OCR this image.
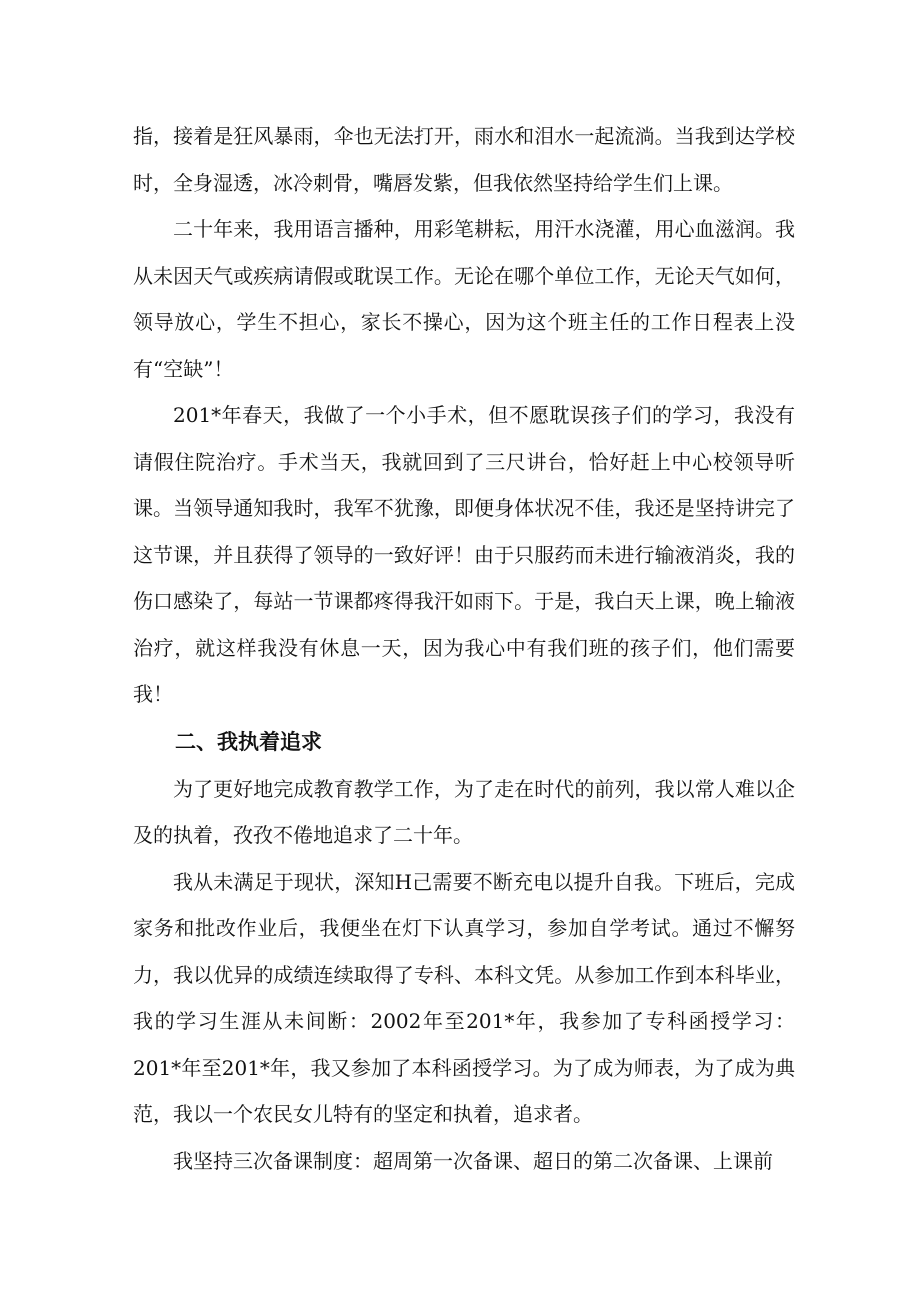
指，接着是狂风暴雨，伞也无法打开，雨水和泪水一起流淌。当我到达学校时，全身湿透，冰冷刺骨，嘴唇发紫，但我依然坚持给学生们上课。

二十年来，我用语言播种，用彩笔耕耘，用汗水浇灌，用心血滋润。我从未因天气或疾病请假或耽误工作。无论在哪个单位工作，无论天气如何，领导放心，学生不担心，家长不操心，因为这个班主任的工作日程表上没有“空缺”！

201*年春天，我做了一个小手术，但不愿耽误孩子们的学习，我没有请假住院治疗。手术当天，我就回到了三尺讲台，恰好赶上中心校领导听课。当领导通知我时，我军不犹豫，即便身体状况不佳，我还是坚持讲完了这节课，并且获得了领导的一致好评！由于只服药而未进行输液消炎，我的伤口感染了，每站一节课都疼得我汗如雨下。于是，我白天上课，晚上输液治疗，就这样我没有休息一天，因为我心中有我们班的孩子们，他们需要我！

二、我执着追求

为了更好地完成教育教学工作，为了走在时代的前列，我以常人难以企及的执着，孜孜不倦地追求了二十年。

我从未满足于现状，深知H己需要不断充电以提升自我。下班后，完成家务和批改作业后，我便坐在灯下认真学习，参加自学考试。通过不懈努力，我以优异的成绩连续取得了专科、本科文凭。从参加工作到本科毕业，我的学习生涯从未间断：2002年至201*年，我参加了专科函授学习：201*年至201*年，我又参加了本科函授学习。为了成为师表，为了成为典范，我以一个农民女儿特有的坚定和执着，追求者。

我坚持三次备课制度：超周第一次备课、超日的第二次备课、上课前
